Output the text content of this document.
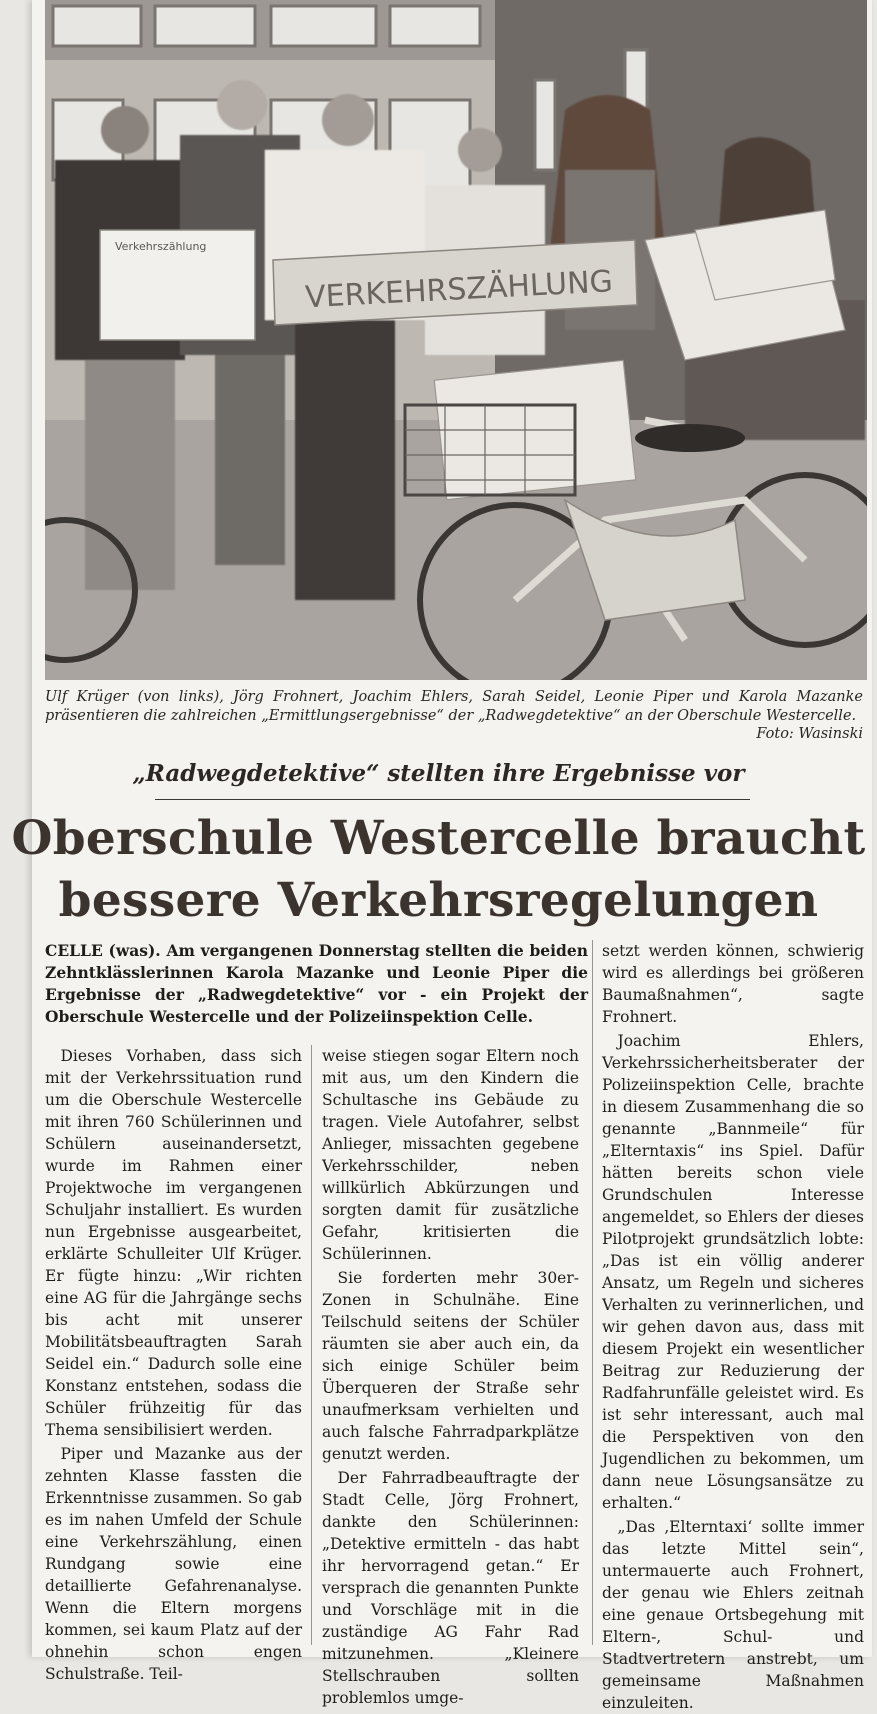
Verkehrszählung
VERKEHRSZÄHLUNG
Ulf Krüger (von links), Jörg Frohnert, Joachim Ehlers, Sarah Seidel, Leonie Piper und Karola Mazanke präsentieren die zahlreichen „Ermittlungsergebnisse“ der „Radwegdetektive“ an der Oberschule Westercelle.
Foto: Wasinski
„Radwegdetektive“ stellten ihre Ergebnisse vor
Oberschule Westercelle braucht
bessere Verkehrsregelungen
CELLE (was). Am vergangenen Donnerstag stellten die beiden Zehntklässlerinnen Karola Mazanke und Leonie Piper die Ergebnisse der „Radwegdetektive“ vor - ein Projekt der Oberschule Westercelle und der Polizeiinspektion Celle.

Dieses Vorhaben, dass sich mit der Verkehrssituation rund um die Oberschule Westercelle mit ihren 760 Schülerinnen und Schülern auseinandersetzt, wurde im Rahmen einer Projektwoche im vergangenen Schuljahr installiert. Es wurden nun Ergebnisse ausgearbeitet, erklärte Schulleiter Ulf Krüger. Er fügte hinzu: „Wir richten eine AG für die Jahrgänge sechs bis acht mit unserer Mobilitätsbeauftragten Sarah Seidel ein.“ Dadurch solle eine Konstanz entstehen, sodass die Schüler frühzeitig für das Thema sensibilisiert werden.

Piper und Mazanke aus der zehnten Klasse fassten die Erkenntnisse zusammen. So gab es im nahen Umfeld der Schule eine Verkehrszählung, einen Rundgang sowie eine detaillierte Gefahrenanalyse. Wenn die Eltern morgens kommen, sei kaum Platz auf der ohnehin schon engen Schulstraße. Teil-

weise stiegen sogar Eltern noch mit aus, um den Kindern die Schultasche ins Gebäude zu tragen. Viele Autofahrer, selbst Anlieger, missachten gegebene Verkehrsschilder, neben willkürlich Abkürzungen und sorgten damit für zusätzliche Gefahr, kritisierten die Schülerinnen.

Sie forderten mehr 30er-Zonen in Schulnähe. Eine Teilschuld seitens der Schüler räumten sie aber auch ein, da sich einige Schüler beim Überqueren der Straße sehr unaufmerksam verhielten und auch falsche Fahrradparkplätze genutzt werden.

Der Fahrradbeauftragte der Stadt Celle, Jörg Frohnert, dankte den Schülerinnen: „Detektive ermitteln - das habt ihr hervorragend getan.“ Er versprach die genannten Punkte und Vorschläge mit in die zuständige AG Fahr Rad mitzunehmen. „Kleinere Stellschrauben sollten problemlos umge-

setzt werden können, schwierig wird es allerdings bei größeren Baumaßnahmen“, sagte Frohnert.

Joachim Ehlers, Verkehrssicherheitsberater der Polizeiinspektion Celle, brachte in diesem Zusammenhang die so genannte „Bannmeile“ für „Elterntaxis“ ins Spiel. Dafür hätten bereits schon viele Grundschulen Interesse angemeldet, so Ehlers der dieses Pilotprojekt grundsätzlich lobte: „Das ist ein völlig anderer Ansatz, um Regeln und sicheres Verhalten zu verinnerlichen, und wir gehen davon aus, dass mit diesem Projekt ein wesentlicher Beitrag zur Reduzierung der Radfahrunfälle geleistet wird. Es ist sehr interessant, auch mal die Perspektiven von den Jugendlichen zu bekommen, um dann neue Lösungsansätze zu erhalten.“

„Das ‚Elterntaxi‘ sollte immer das letzte Mittel sein“, untermauerte auch Frohnert, der genau wie Ehlers zeitnah eine genaue Ortsbegehung mit Eltern-, Schul- und Stadtvertretern anstrebt, um gemeinsame Maßnahmen einzuleiten.
